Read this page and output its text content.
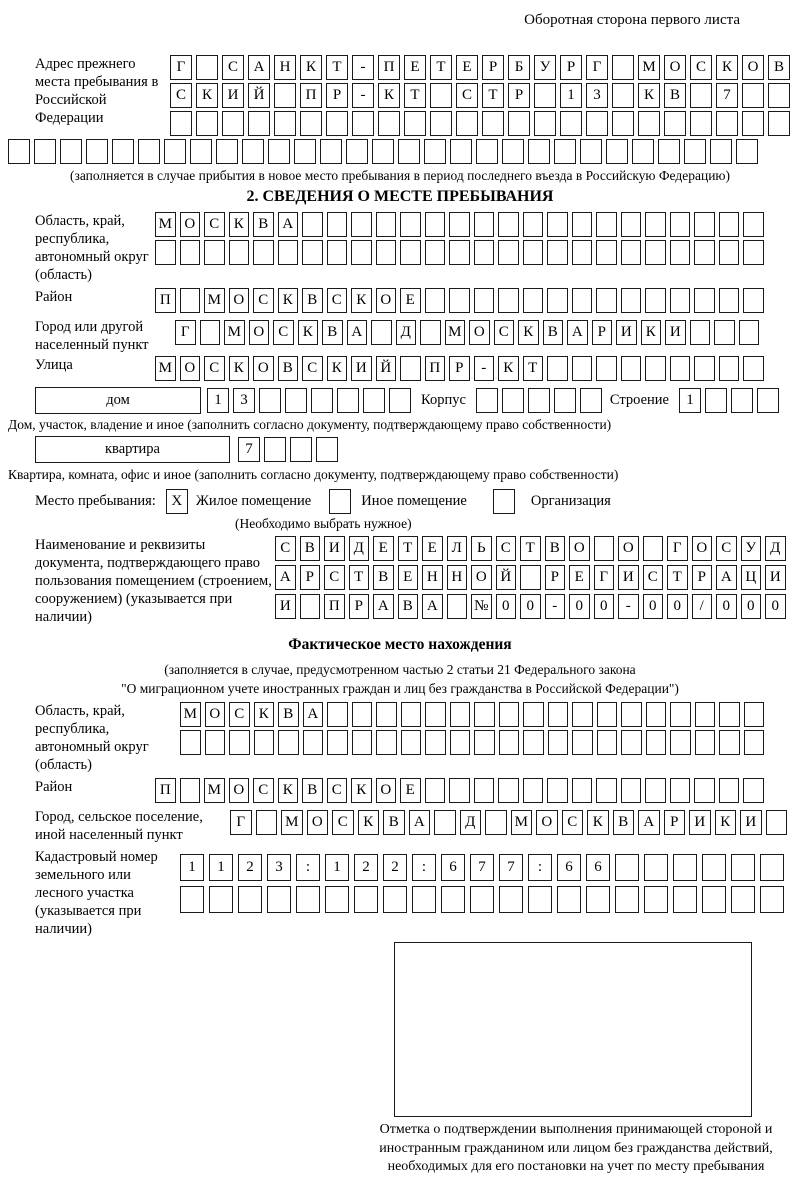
Оборотная сторона первого листа
Адрес прежнего места пребывания в Российской Федерации
Г	С	А	Н	К	Т	-	П	Е	Т	Е	Р	Б	У	Р	Г	М О	С	К	О	В
С	К	И	Й	П	Р	-	К	Т	С	Т	Р	1	3	К	В	7
(заполняется в случае прибытия в новое место пребывания в период последнего въезда в Российскую Федерацию)
2. СВЕДЕНИЯ О МЕСТЕ ПРЕБЫВАНИЯ
Область, край, республика, автономный округ (область)
М О С К В А
Район	П	М О С К В С К О Е
Город или другой населенный пункт
Г	М О С К В А	Д	М О С К В А Р И К И
Улица	М О С К О В С К И Й	П Р	-	К Т
дом	1	3	Корпус	Строение	1
Дом, участок, владение и иное (заполнить согласно документу, подтверждающему право собственности)
квартира	7
Квартира, комната, офис и иное (заполнить согласно документу, подтверждающему право собственности)
Место пребывания:	X Жилое помещение	Иное помещение	Организация
(Необходимо выбрать нужное)
Наименование и реквизиты документа, подтверждающего право пользования помещением (строением, сооружением) (указывается при наличии)
С В И Д Е	Т	Е Л	Ь	С Т В О	О	Г О С У Д
А Р	С Т В Е Н Н О Й	Р	Е	Г И С Т	Р А Ц И
И	П Р А В А	№ 0	0	-	0	0	-	0	0	/	0	0	0
Фактическое место нахождения
(заполняется в случае, предусмотренном частью 2 статьи 21 Федерального закона
"О миграционном учете иностранных граждан и лиц без гражданства в Российской Федерации")
Область, край, республика, автономный округ (область)
М О С К В А
Район	П	М О С К В С К О Е
Город, сельское поселение, иной населенный пункт
Г	М О	С	К	В	А	Д	М О	С	К	В	А	Р	И	К	И
Кадастровый номер земельного или лесного участка (указывается при наличии)
1	1	2	3	:	1	2	2	:	6	7	7	:	6	6
Отметка о подтверждении выполнения принимающей стороной и иностранным гражданином или лицом без гражданства действий, необходимых для его постановки на учет по месту пребывания
